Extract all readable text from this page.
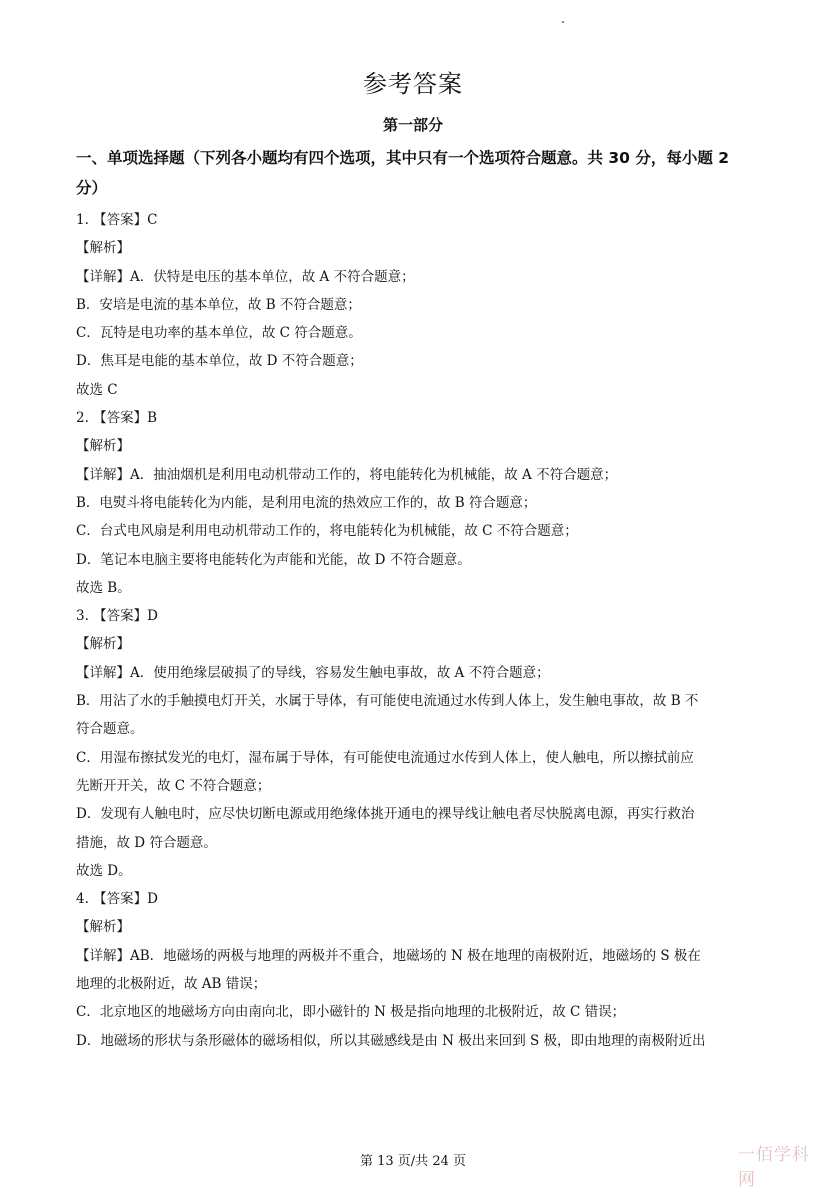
参考答案
第一部分
一、单项选择题（下列各小题均有四个选项，其中只有一个选项符合题意。共 30 分，每小题 2 分）
1. 【答案】C
【解析】
【详解】A．伏特是电压的基本单位，故 A 不符合题意；
B．安培是电流的基本单位，故 B 不符合题意；
C．瓦特是电功率的基本单位，故 C 符合题意。
D．焦耳是电能的基本单位，故 D 不符合题意；
故选 C
2. 【答案】B
【解析】
【详解】A．抽油烟机是利用电动机带动工作的，将电能转化为机械能，故 A 不符合题意；
B．电熨斗将电能转化为内能，是利用电流的热效应工作的，故 B 符合题意；
C．台式电风扇是利用电动机带动工作的，将电能转化为机械能，故 C 不符合题意；
D．笔记本电脑主要将电能转化为声能和光能，故 D 不符合题意。
故选 B。
3. 【答案】D
【解析】
【详解】A．使用绝缘层破损了的导线，容易发生触电事故，故 A 不符合题意；
B．用沾了水的手触摸电灯开关，水属于导体，有可能使电流通过水传到人体上，发生触电事故，故 B 不
符合题意。
C．用湿布擦拭发光的电灯，湿布属于导体，有可能使电流通过水传到人体上，使人触电，所以擦拭前应
先断开开关，故 C 不符合题意；
D．发现有人触电时，应尽快切断电源或用绝缘体挑开通电的裸导线让触电者尽快脱离电源，再实行救治
措施，故 D 符合题意。
故选 D。
4. 【答案】D
【解析】
【详解】AB．地磁场的两极与地理的两极并不重合，地磁场的 N 极在地理的南极附近，地磁场的 S 极在
地理的北极附近，故 AB 错误；
C．北京地区的地磁场方向由南向北，即小磁针的 N 极是指向地理的北极附近，故 C 错误；
D．地磁场的形状与条形磁体的磁场相似，所以其磁感线是由 N 极出来回到 S 极，即由地理的南极附近出
第 13 页/共 24 页	一佰学科网
